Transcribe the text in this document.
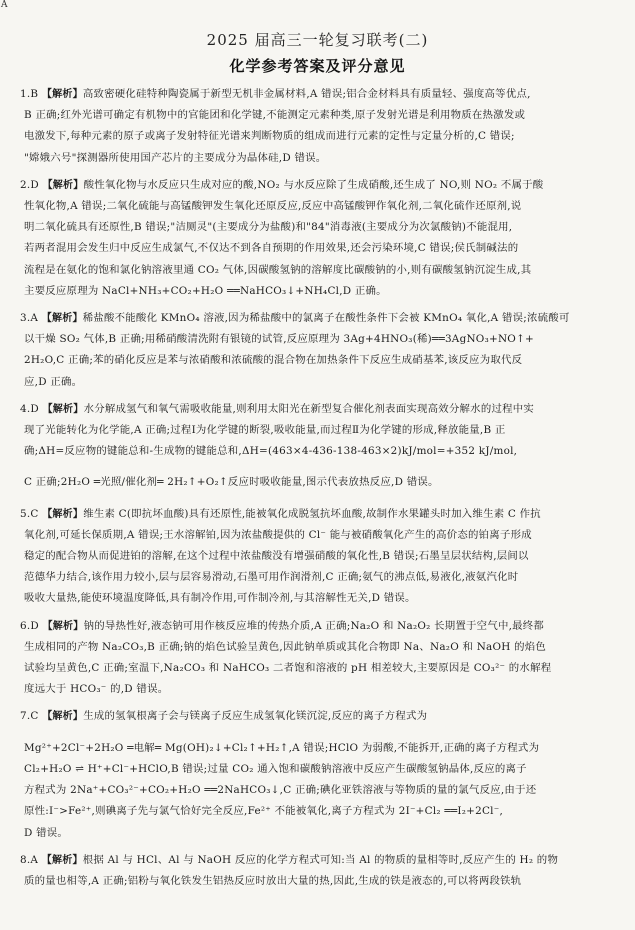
A
2025 届高三一轮复习联考(二)
化学参考答案及评分意见
1.B 【解析】高致密硬化硅特种陶瓷属于新型无机非金属材料,A 错误;铝合金材料具有质量轻、强度高等优点,
B 正确;红外光谱可确定有机物中的官能团和化学键,不能测定元素种类,原子发射光谱是利用物质在热激发或
电激发下,每种元素的原子或离子发射特征光谱来判断物质的组成而进行元素的定性与定量分析的,C 错误;
"嫦娥六号"探测器所使用国产芯片的主要成分为晶体硅,D 错误。
2.D 【解析】酸性氧化物与水反应只生成对应的酸,NO₂ 与水反应除了生成硝酸,还生成了 NO,则 NO₂ 不属于酸
性氧化物,A 错误;二氧化硫能与高锰酸钾发生氧化还原反应,反应中高锰酸钾作氧化剂,二氧化硫作还原剂,说
明二氧化硫具有还原性,B 错误;"洁厕灵"(主要成分为盐酸)和"84"消毒液(主要成分为次氯酸钠)不能混用,
若两者混用会发生归中反应生成氯气,不仅达不到各自预期的作用效果,还会污染环境,C 错误;侯氏制碱法的
流程是在氨化的饱和氯化钠溶液里通 CO₂ 气体,因碳酸氢钠的溶解度比碳酸钠的小,则有碳酸氢钠沉淀生成,其
主要反应原理为 NaCl+NH₃+CO₂+H₂O ══NaHCO₃↓+NH₄Cl,D 正确。
3.A 【解析】稀盐酸不能酸化 KMnO₄ 溶液,因为稀盐酸中的氯离子在酸性条件下会被 KMnO₄ 氧化,A 错误;浓硫酸可
以干燥 SO₂ 气体,B 正确;用稀硝酸清洗附有银镜的试管,反应原理为 3Ag+4HNO₃(稀)══3AgNO₃+NO↑+
2H₂O,C 正确;苯的硝化反应是苯与浓硝酸和浓硫酸的混合物在加热条件下反应生成硝基苯,该反应为取代反
应,D 正确。
4.D 【解析】水分解成氢气和氧气需吸收能量,则利用太阳光在新型复合催化剂表面实现高效分解水的过程中实
现了光能转化为化学能,A 正确;过程Ⅰ为化学键的断裂,吸收能量,而过程Ⅱ为化学键的形成,释放能量,B 正
确;ΔH=反应物的键能总和-生成物的键能总和,ΔH=(463×4-436-138-463×2)kJ/mol=+352 kJ/mol,
C 正确;2H₂O ═光照/催化剂═ 2H₂↑+O₂↑反应时吸收能量,图示代表放热反应,D 错误。
5.C 【解析】维生素 C(即抗坏血酸)具有还原性,能被氧化成脱氢抗坏血酸,故制作水果罐头时加入维生素 C 作抗
氧化剂,可延长保质期,A 错误;王水溶解铂,因为浓盐酸提供的 Cl⁻ 能与被硝酸氧化产生的高价态的铂离子形成
稳定的配合物从而促进铂的溶解,在这个过程中浓盐酸没有增强硝酸的氧化性,B 错误;石墨呈层状结构,层间以
范德华力结合,该作用力较小,层与层容易滑动,石墨可用作润滑剂,C 正确;氨气的沸点低,易液化,液氨汽化时
吸收大量热,能使环境温度降低,具有制冷作用,可作制冷剂,与其溶解性无关,D 错误。
6.D 【解析】钠的导热性好,液态钠可用作核反应堆的传热介质,A 正确;Na₂O 和 Na₂O₂ 长期置于空气中,最终都
生成相同的产物 Na₂CO₃,B 正确;钠的焰色试验呈黄色,因此钠单质或其化合物即 Na、Na₂O 和 NaOH 的焰色
试验均呈黄色,C 正确;室温下,Na₂CO₃ 和 NaHCO₃ 二者饱和溶液的 pH 相差较大,主要原因是 CO₃²⁻ 的水解程
度远大于 HCO₃⁻ 的,D 错误。
7.C 【解析】生成的氢氧根离子会与镁离子反应生成氢氧化镁沉淀,反应的离子方程式为
Mg²⁺+2Cl⁻+2H₂O ═电解═ Mg(OH)₂↓+Cl₂↑+H₂↑,A 错误;HClO 为弱酸,不能拆开,正确的离子方程式为
Cl₂+H₂O ⇌ H⁺+Cl⁻+HClO,B 错误;过量 CO₂ 通入饱和碳酸钠溶液中反应产生碳酸氢钠晶体,反应的离子
方程式为 2Na⁺+CO₃²⁻+CO₂+H₂O ══2NaHCO₃↓,C 正确;碘化亚铁溶液与等物质的量的氯气反应,由于还
原性:I⁻>Fe²⁺,则碘离子先与氯气恰好完全反应,Fe²⁺ 不能被氧化,离子方程式为 2I⁻+Cl₂ ══I₂+2Cl⁻,
D 错误。
8.A 【解析】根据 Al 与 HCl、Al 与 NaOH 反应的化学方程式可知:当 Al 的物质的量相等时,反应产生的 H₂ 的物
质的量也相等,A 正确;铝粉与氧化铁发生铝热反应时放出大量的热,因此,生成的铁是液态的,可以将两段铁轨
